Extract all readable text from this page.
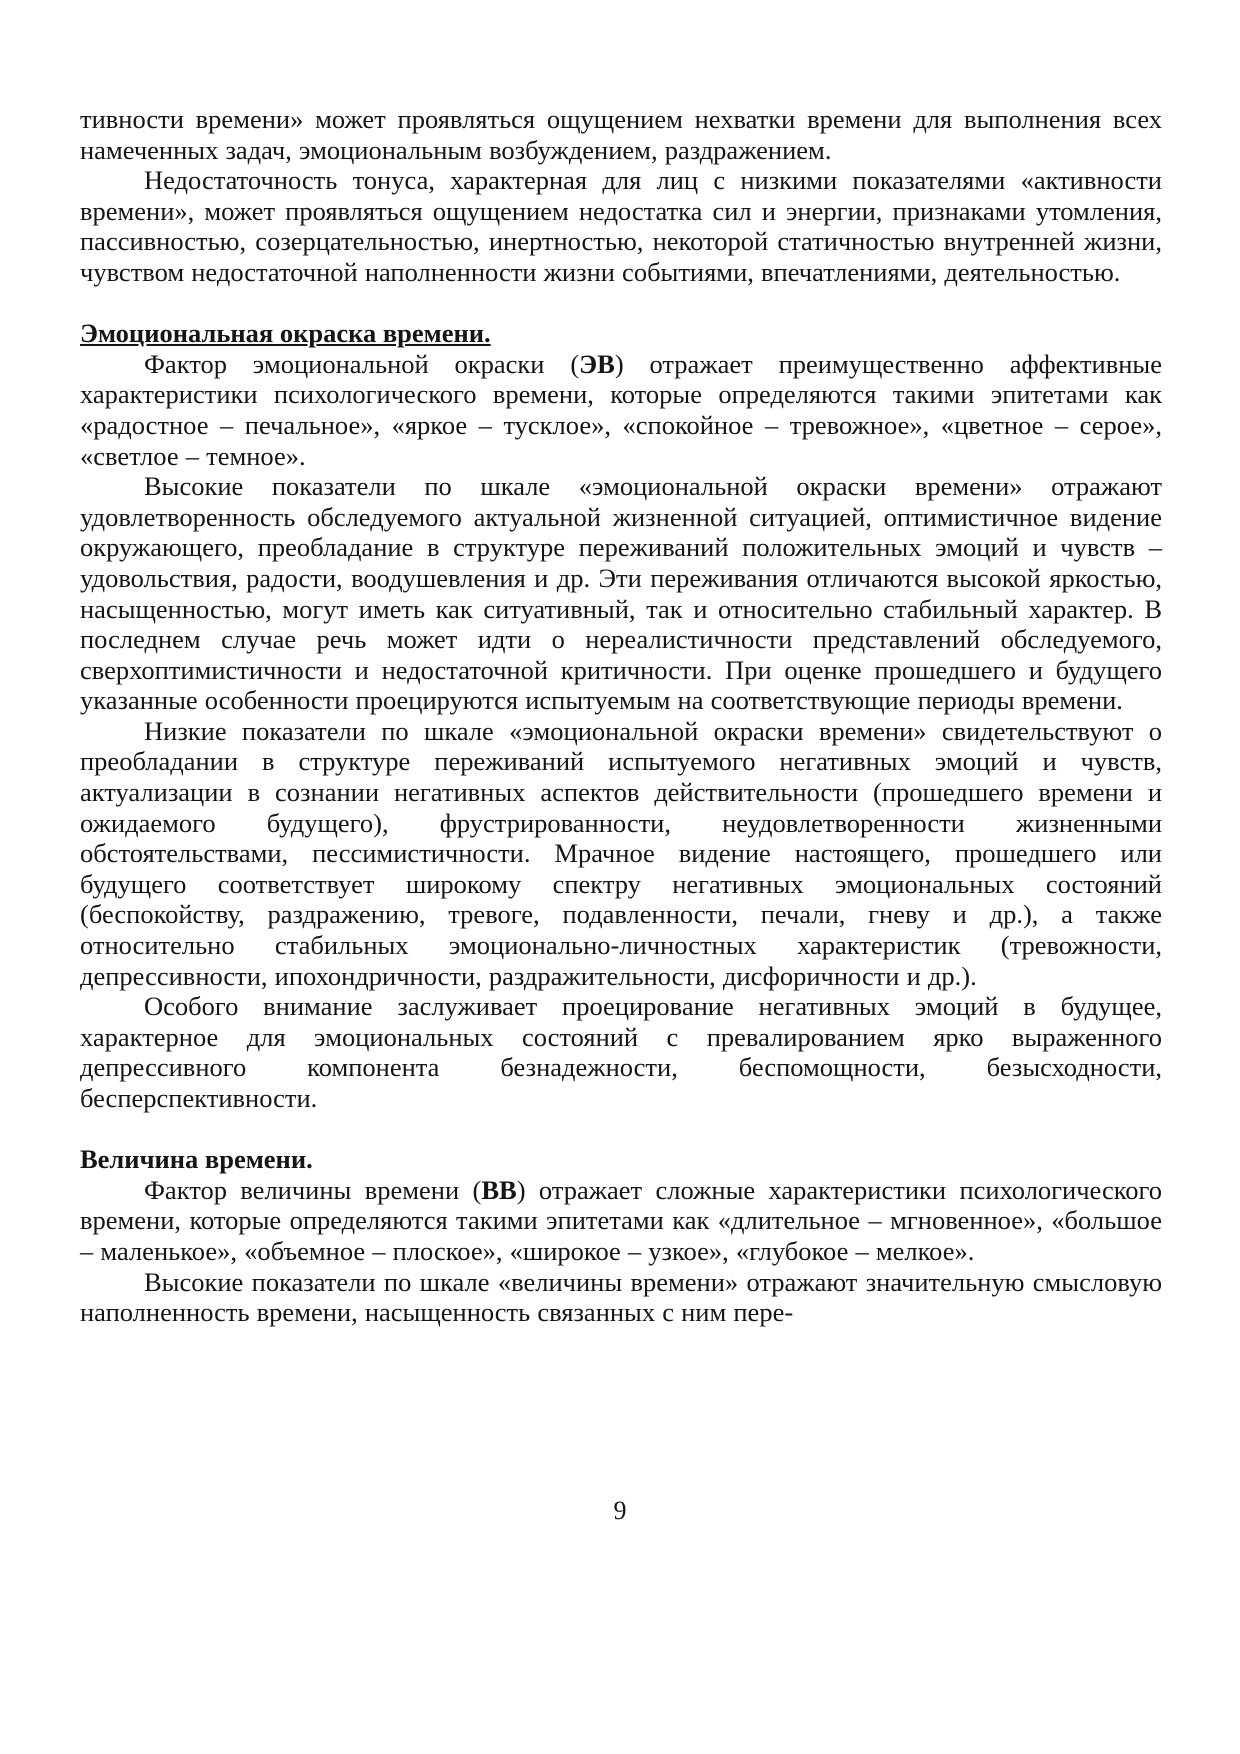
тивности времени» может проявляться ощущением нехватки времени для выполнения всех намеченных задач, эмоциональным возбуждением, раздражением.

Недостаточность тонуса, характерная для лиц с низкими показателями «активности времени», может проявляться ощущением недостатка сил и энергии, признаками утомления, пассивностью, созерцательностью, инертностью, некоторой статичностью внутренней жизни, чувством недостаточной наполненности жизни событиями, впечатлениями, деятельностью.

Эмоциональная окраска времени.

Фактор эмоциональной окраски (ЭВ) отражает преимущественно аффективные характеристики психологического времени, которые определяются такими эпитетами как «радостное – печальное», «яркое – тусклое», «спокойное – тревожное», «цветное – серое», «светлое – темное».

Высокие показатели по шкале «эмоциональной окраски времени» отражают удовлетворенность обследуемого актуальной жизненной ситуацией, оптимистичное видение окружающего, преобладание в структуре переживаний положительных эмоций и чувств – удовольствия, радости, воодушевления и др. Эти переживания отличаются высокой яркостью, насыщенностью, могут иметь как ситуативный, так и относительно стабильный характер. В последнем случае речь может идти о нереалистичности представлений обследуемого, сверхоптимистичности и недостаточной критичности. При оценке прошедшего и будущего указанные особенности проецируются испытуемым на соответствующие периоды времени.

Низкие показатели по шкале «эмоциональной окраски времени» свидетельствуют о преобладании в структуре переживаний испытуемого негативных эмоций и чувств, актуализации в сознании негативных аспектов действительности (прошедшего времени и ожидаемого будущего), фрустрированности, неудовлетворенности жизненными обстоятельствами, пессимистичности. Мрачное видение настоящего, прошедшего или будущего соответствует широкому спектру негативных эмоциональных состояний (беспокойству, раздражению, тревоге, подавленности, печали, гневу и др.), а также относительно стабильных эмоционально-личностных характеристик (тревожности, депрессивности, ипохондричности, раздражительности, дисфоричности и др.).

Особого внимание заслуживает проецирование негативных эмоций в будущее, характерное для эмоциональных состояний с превалированием ярко выраженного депрессивного компонента безнадежности, беспомощности, безысходности, бесперспективности.

Величина времени.

Фактор величины времени (ВВ) отражает сложные характеристики психологического времени, которые определяются такими эпитетами как «длительное – мгновенное», «большое – маленькое», «объемное – плоское», «широкое – узкое», «глубокое – мелкое».

Высокие показатели по шкале «величины времени» отражают значительную смысловую наполненность времени, насыщенность связанных с ним пере-

9
